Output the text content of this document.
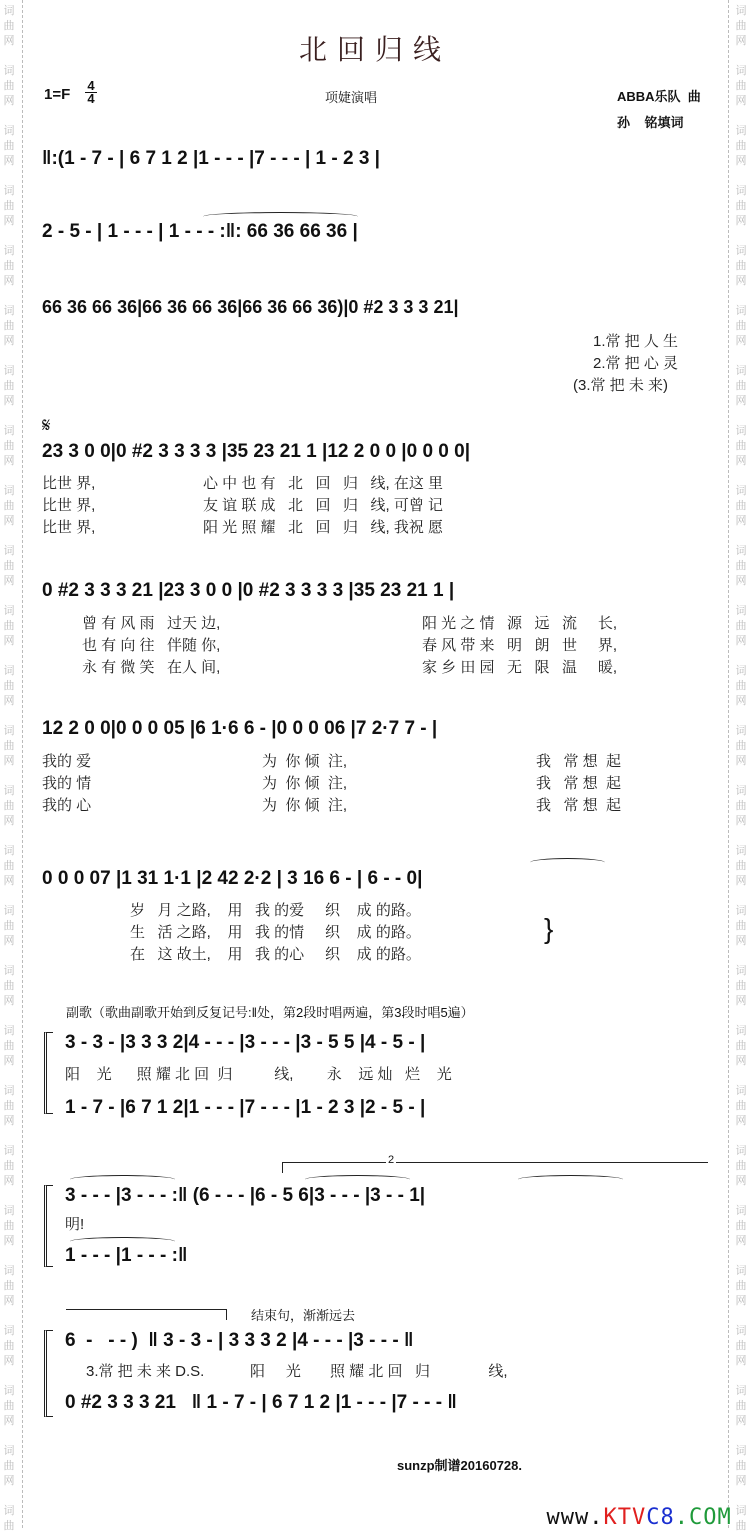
词
曲
网
词
曲
网
词
曲
网
词
曲
网
词
曲
网
词
曲
网
词
曲
网
词
曲
网
词
曲
网
词
曲
网
词
曲
网
词
曲
网
词
曲
网
词
曲
网
词
曲
网
词
曲
网
词
曲
网
词
曲
网
词
曲
网
词
曲
网
词
曲
网
词
曲
网
词
曲
网
词
曲
网
词
曲
网
词
曲
词
曲
网
词
曲
网
词
曲
网
词
曲
网
词
曲
网
词
曲
网
词
曲
网
词
曲
网
词
曲
网
词
曲
网
词
曲
网
词
曲
网
词
曲
网
词
曲
网
词
曲
网
词
曲
网
词
曲
网
词
曲
网
词
曲
网
词
曲
网
词
曲
网
词
曲
网
词
曲
网
词
曲
网
词
曲
网
词
曲
北回归线
$1=F \frac{4}{4}$	项婕演唱	ABBA乐队  曲
孙    铭填词
‖:(1 - 7 - | 6 7 1 2 |1 - - - |7 - - - | 1 - 2 3 |
2 - 5 - | 1 - - - | 1 - - - :‖: 66 36 66 36 |
66 36 66 36|66 36 66 36|66 36 66 36)|0 #2 3 3 3 21|
1.常 把 人 生
2.常 把 心 灵
(3.常 把 未 来)
𝄋
23 3 0 0|0 #2 3 3 3 3 |35 23 21 1 |12 2 0 0 |0 0 0 0|
比世 界,
比世 界,
比世 界,
心 中 也 有   北   回   归   线, 在这 里
友 谊 联 成   北   回   归   线, 可曾 记
阳 光 照 耀   北   回   归   线, 我祝 愿
0 #2 3 3 3 21 |23 3 0 0 |0 #2 3 3 3 3 |35 23 21 1 |
曾 有 风 雨   过天 边,
也 有 向 往   伴随 你,
永 有 微 笑   在人 间,
阳 光 之 情   源   远   流     长,
春 风 带 来   明   朗   世     界,
家 乡 田 园   无   限   温     暖,
12 2 0 0|0 0 0 05 |6 1·6 6 - |0 0 0 06 |7 2·7 7 - |
我的 爱
我的 情
我的 心
为  你 倾  注,
为  你 倾  注,
为  你 倾  注,
我   常 想  起
我   常 想  起
我   常 想  起
0 0 0 07 |1 31 1·1 |2 42 2·2 | 3 16 6 - | 6 - - 0|
岁   月 之路,    用   我 的爱     织    成 的路。
生   活 之路,    用   我 的情     织    成 的路。
在   这 故土,    用   我 的心     织    成 的路。
}
副歌（歌曲副歌开始到反复记号:‖处，第2段时唱两遍，第3段时唱5遍）
3 - 3 - |3 3 3 2|4 - - - |3 - - - |3 - 5 5 |4 - 5 - |
阳    光      照 耀 北 回  归          线,        永    远 灿   烂    光
1 - 7 - |6 7 1 2|1 - - - |7 - - - |1 - 2 3 |2 - 5 - |
2
3 - - - |3 - - - :‖ (6 - - - |6 - 5 6|3 - - - |3 - - 1|
明!
1 - - - |1 - - - :‖
结束句，渐渐远去
6  -   - - )  ‖ 3 - 3 - | 3 3 3 2 |4 - - - |3 - - - ‖
3.常 把 未 来 D.S.	阳     光       照 耀 北 回   归              线,
0 #2 3 3 3 21   ‖ 1 - 7 - | 6 7 1 2 |1 - - - |7 - - - ‖
sunzp制谱20160728.

www.KTVC8.COM
